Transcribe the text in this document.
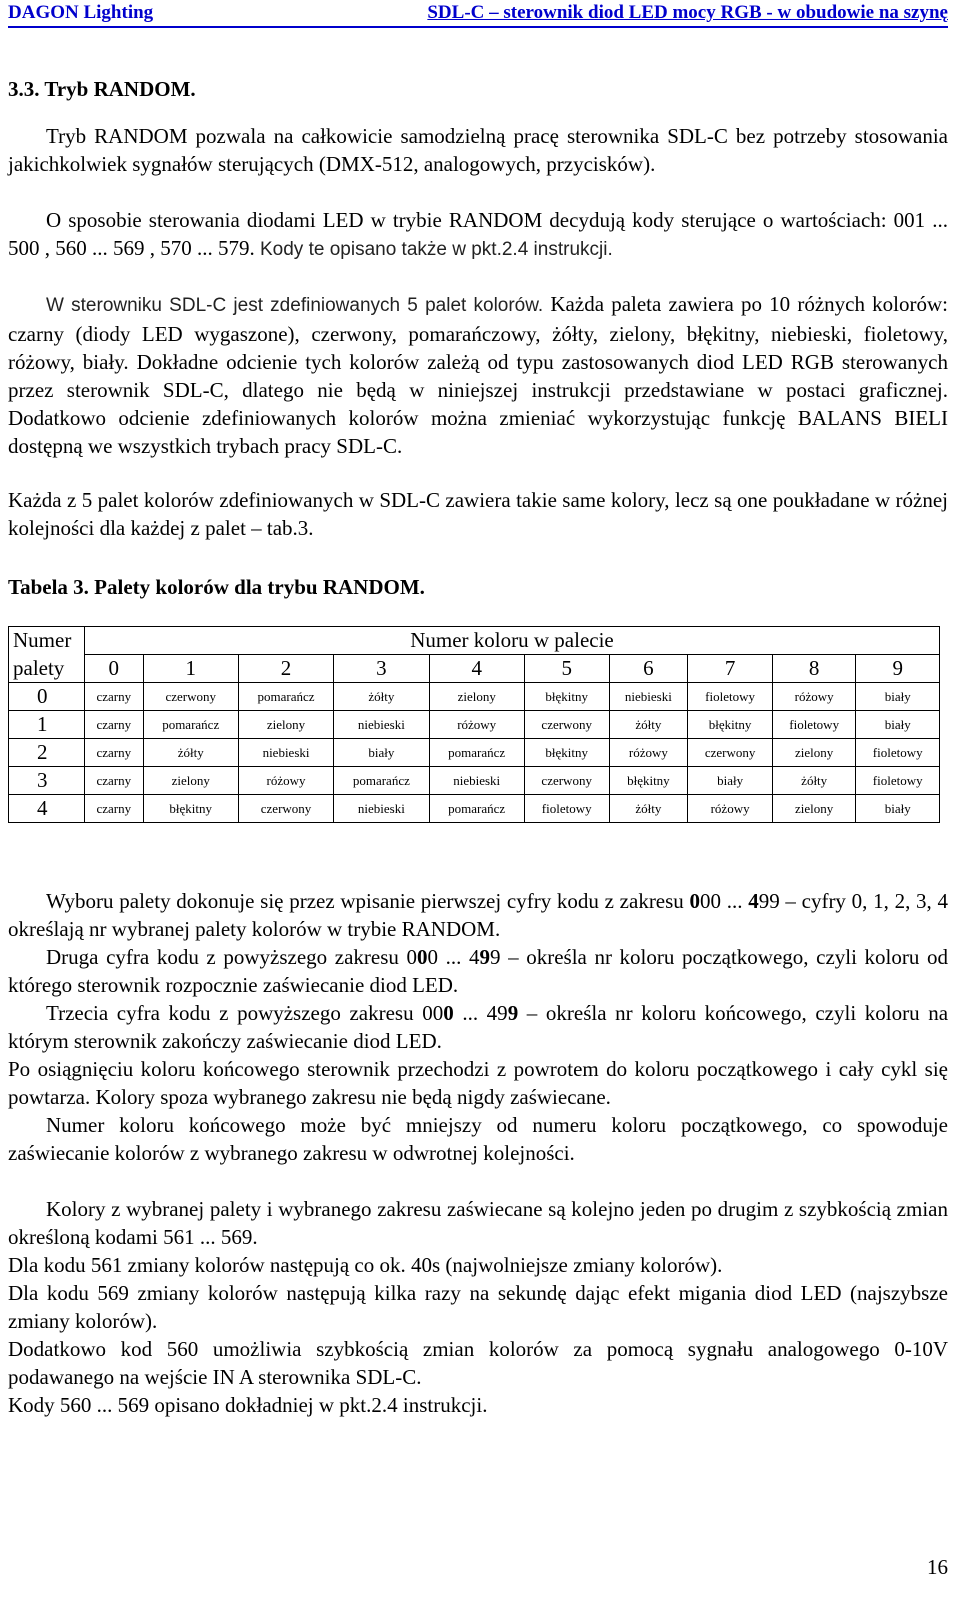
DAGON Lighting	SDL-C – sterownik diod LED mocy RGB - w obudowie na szynę
3.3. Tryb RANDOM.
Tryb RANDOM pozwala na całkowicie samodzielną pracę sterownika SDL-C bez potrzeby stosowania jakichkolwiek sygnałów sterujących (DMX-512, analogowych, przycisków).
O sposobie sterowania diodami LED w trybie RANDOM decydują kody sterujące o wartościach: 001 ... 500 , 560 ... 569 , 570 ... 579. Kody te opisano także w pkt.2.4 instrukcji.
W sterowniku SDL-C jest zdefiniowanych 5 palet kolorów. Każda paleta zawiera po 10 różnych kolorów: czarny (diody LED wygaszone), czerwony, pomarańczowy, żółty, zielony, błękitny, niebieski, fioletowy, różowy, biały. Dokładne odcienie tych kolorów zależą od typu zastosowanych diod LED RGB sterowanych przez sterownik SDL-C, dlatego nie będą w niniejszej instrukcji przedstawiane w postaci graficznej. Dodatkowo odcienie zdefiniowanych kolorów można zmieniać wykorzystując funkcję BALANS BIELI dostępną we wszystkich trybach pracy SDL-C.
Każda z 5 palet kolorów zdefiniowanych w SDL-C zawiera takie same kolory, lecz są one poukładane w różnej kolejności dla każdej z palet – tab.3.
Tabela 3. Palety kolorów dla trybu RANDOM.
Numer	Numer koloru w palecie									
palety	0	1	2	3	4	5	6	7	8	9
0	czarny	czerwony	pomarańcz	żółty	zielony	błękitny	niebieski	fioletowy	różowy	biały
1	czarny	pomarańcz	zielony	niebieski	różowy	czerwony	żółty	błękitny	fioletowy	biały
2	czarny	żółty	niebieski	biały	pomarańcz	błękitny	różowy	czerwony	zielony	fioletowy
3	czarny	zielony	różowy	pomarańcz	niebieski	czerwony	błękitny	biały	żółty	fioletowy
4	czarny	błękitny	czerwony	niebieski	pomarańcz	fioletowy	żółty	różowy	zielony	biały
Wyboru palety dokonuje się przez wpisanie pierwszej cyfry kodu z zakresu 000 ... 499 – cyfry 0, 1, 2, 3, 4 określają nr wybranej palety kolorów w trybie RANDOM.
Druga cyfra kodu z powyższego zakresu 000 ... 499 – określa nr koloru początkowego, czyli koloru od którego sterownik rozpocznie zaświecanie diod LED.
Trzecia cyfra kodu z powyższego zakresu 000 ... 499 – określa nr koloru końcowego, czyli koloru na którym sterownik zakończy zaświecanie diod LED.
Po osiągnięciu koloru końcowego sterownik przechodzi z powrotem do koloru początkowego i cały cykl się powtarza. Kolory spoza wybranego zakresu nie będą nigdy zaświecane.
Numer koloru końcowego może być mniejszy od numeru koloru początkowego, co spowoduje zaświecanie kolorów z wybranego zakresu w odwrotnej kolejności.
Kolory z wybranej palety i wybranego zakresu zaświecane są kolejno jeden po drugim z szybkością zmian określoną kodami 561 ... 569.
Dla kodu 561 zmiany kolorów następują co ok. 40s (najwolniejsze zmiany kolorów).
Dla kodu 569 zmiany kolorów następują kilka razy na sekundę dając efekt migania diod LED (najszybsze zmiany kolorów).
Dodatkowo kod 560 umożliwia szybkością zmian kolorów za pomocą sygnału analogowego 0-10V podawanego na wejście IN A sterownika SDL-C.
Kody 560 ... 569 opisano dokładniej w pkt.2.4 instrukcji.
16
